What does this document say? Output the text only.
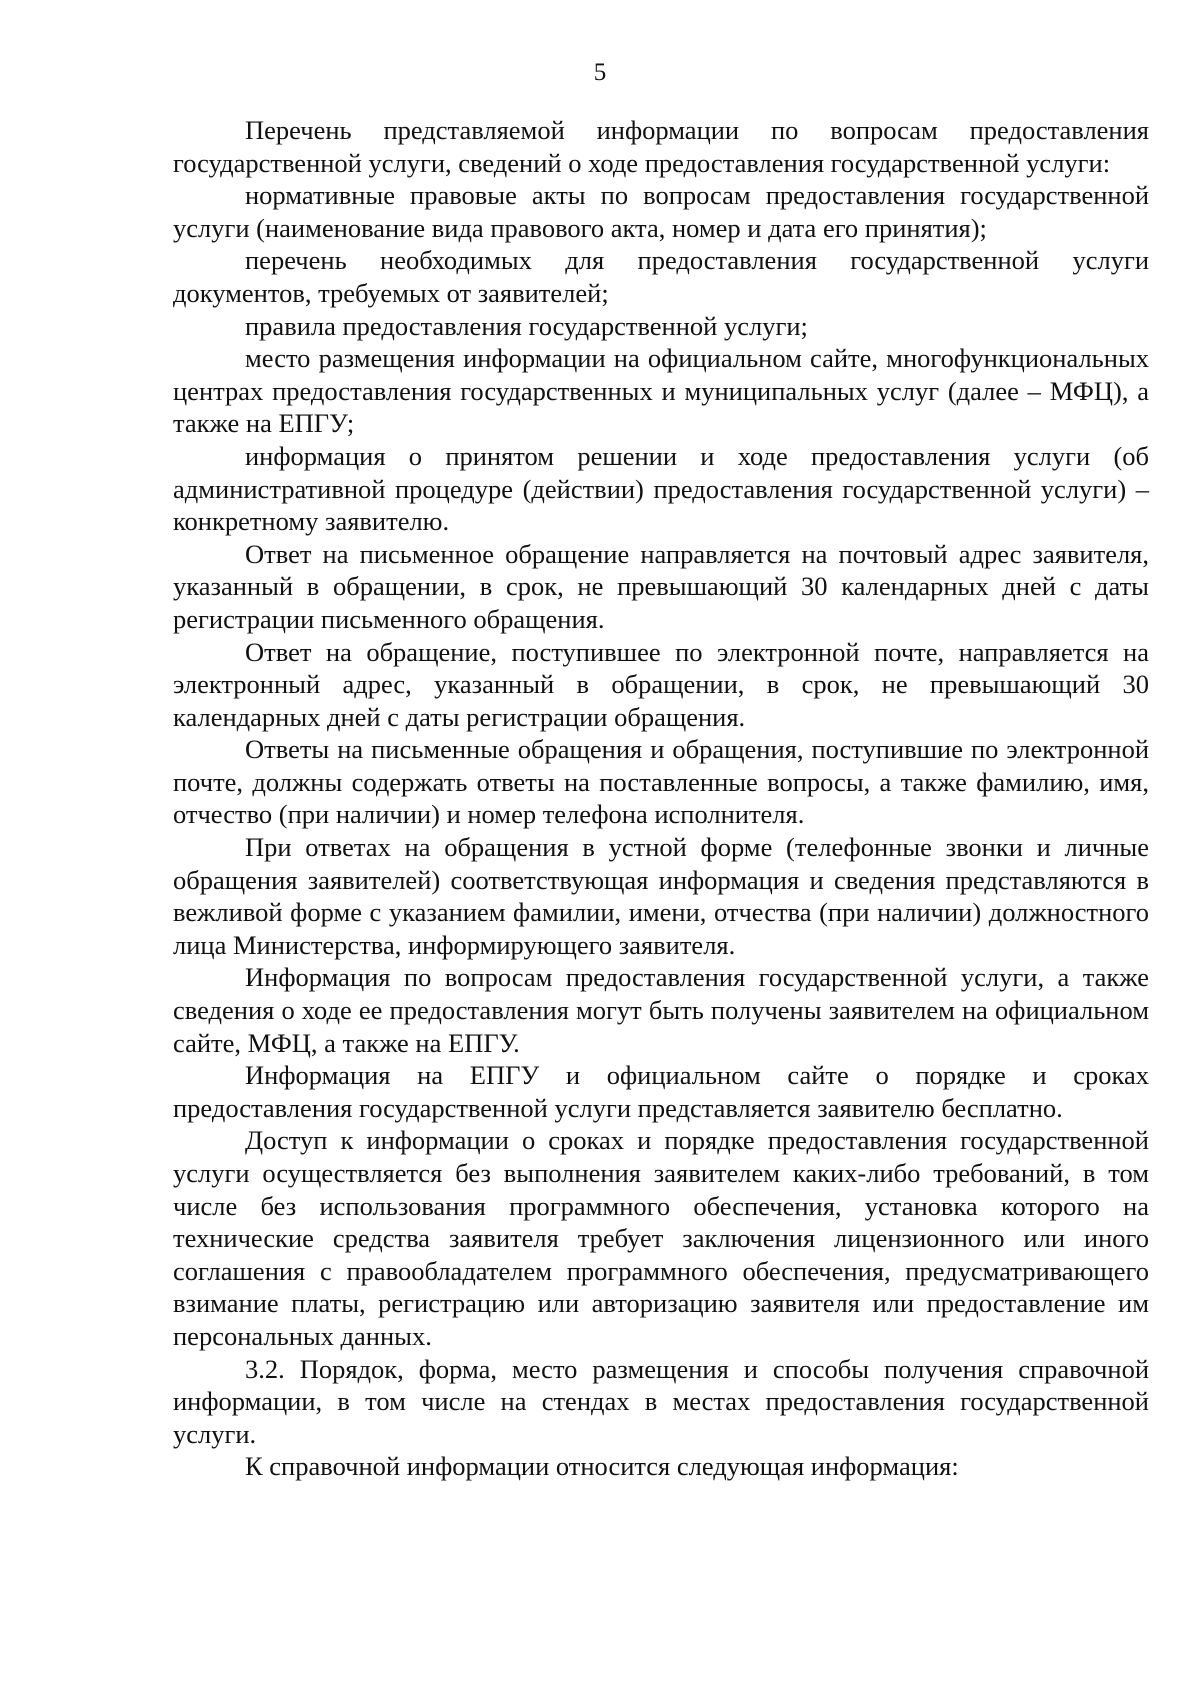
5

Перечень представляемой информации по вопросам предоставления государственной услуги, сведений о ходе предоставления государственной услуги:

нормативные правовые акты по вопросам предоставления государственной услуги (наименование вида правового акта, номер и дата его принятия);

перечень необходимых для предоставления государственной услуги документов, требуемых от заявителей;

правила предоставления государственной услуги;

место размещения информации на официальном сайте, многофункциональных центрах предоставления государственных и муниципальных услуг (далее – МФЦ), а также на ЕПГУ;

информация о принятом решении и ходе предоставления услуги (об административной процедуре (действии) предоставления государственной услуги) – конкретному заявителю.

Ответ на письменное обращение направляется на почтовый адрес заявителя, указанный в обращении, в срок, не превышающий 30 календарных дней с даты регистрации письменного обращения.

Ответ на обращение, поступившее по электронной почте, направляется на электронный адрес, указанный в обращении, в срок, не превышающий 30 календарных дней с даты регистрации обращения.

Ответы на письменные обращения и обращения, поступившие по электронной почте, должны содержать ответы на поставленные вопросы, а также фамилию, имя, отчество (при наличии) и номер телефона исполнителя.

При ответах на обращения в устной форме (телефонные звонки и личные обращения заявителей) соответствующая информация и сведения представляются в вежливой форме с указанием фамилии, имени, отчества (при наличии) должностного лица Министерства, информирующего заявителя.

Информация по вопросам предоставления государственной услуги, а также сведения о ходе ее предоставления могут быть получены заявителем на официальном сайте, МФЦ, а также на ЕПГУ.

Информация на ЕПГУ и официальном сайте о порядке и сроках предоставления государственной услуги представляется заявителю бесплатно.

Доступ к информации о сроках и порядке предоставления государственной услуги осуществляется без выполнения заявителем каких-либо требований, в том числе без использования программного обеспечения, установка которого на технические средства заявителя требует заключения лицензионного или иного соглашения с правообладателем программного обеспечения, предусматривающего взимание платы, регистрацию или авторизацию заявителя или предоставление им персональных данных.

3.2. Порядок, форма, место размещения и способы получения справочной информации, в том числе на стендах в местах предоставления государственной услуги.

К справочной информации относится следующая информация:
